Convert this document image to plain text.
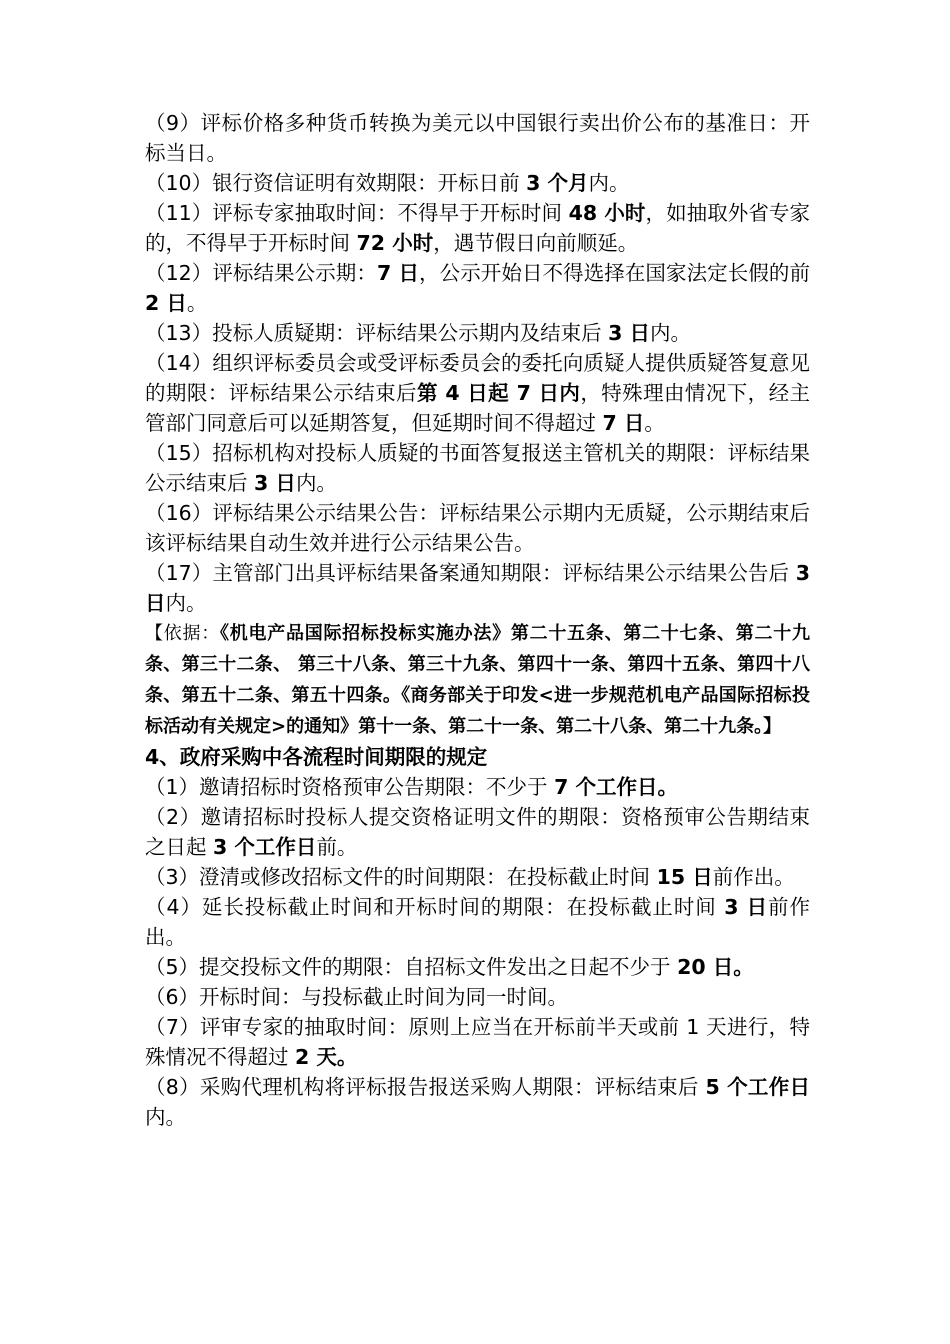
（9）评标价格多种货币转换为美元以中国银行卖出价公布的基准日：开标当日。

（10）银行资信证明有效期限：开标日前 3 个月内。

（11）评标专家抽取时间：不得早于开标时间 48 小时，如抽取外省专家的，不得早于开标时间 72 小时，遇节假日向前顺延。

（12）评标结果公示期：7 日，公示开始日不得选择在国家法定长假的前 2 日。

（13）投标人质疑期：评标结果公示期内及结束后 3 日内。

（14）组织评标委员会或受评标委员会的委托向质疑人提供质疑答复意见的期限：评标结果公示结束后第 4 日起 7 日内，特殊理由情况下，经主管部门同意后可以延期答复，但延期时间不得超过 7 日。

（15）招标机构对投标人质疑的书面答复报送主管机关的期限：评标结果公示结束后 3 日内。

（16）评标结果公示结果公告：评标结果公示期内无质疑，公示期结束后该评标结果自动生效并进行公示结果公告。

（17）主管部门出具评标结果备案通知期限：评标结果公示结果公告后 3 日内。

【依据：《机电产品国际招标投标实施办法》第二十五条、第二十七条、第二十九条、第三十二条、 第三十八条、第三十九条、第四十一条、第四十五条、第四十八条、第五十二条、第五十四条。《商务部关于印发<进一步规范机电产品国际招标投标活动有关规定>的通知》第十一条、第二十一条、第二十八条、第二十九条。】

4、政府采购中各流程时间期限的规定

（1）邀请招标时资格预审公告期限：不少于 7 个工作日。

（2）邀请招标时投标人提交资格证明文件的期限：资格预审公告期结束之日起 3 个工作日前。

（3）澄清或修改招标文件的时间期限：在投标截止时间 15 日前作出。

（4）延长投标截止时间和开标时间的期限：在投标截止时间 3 日前作出。

（5）提交投标文件的期限：自招标文件发出之日起不少于 20 日。

（6）开标时间：与投标截止时间为同一时间。

（7）评审专家的抽取时间：原则上应当在开标前半天或前 1 天进行，特殊情况不得超过 2 天。

（8）采购代理机构将评标报告报送采购人期限：评标结束后 5 个工作日内。
